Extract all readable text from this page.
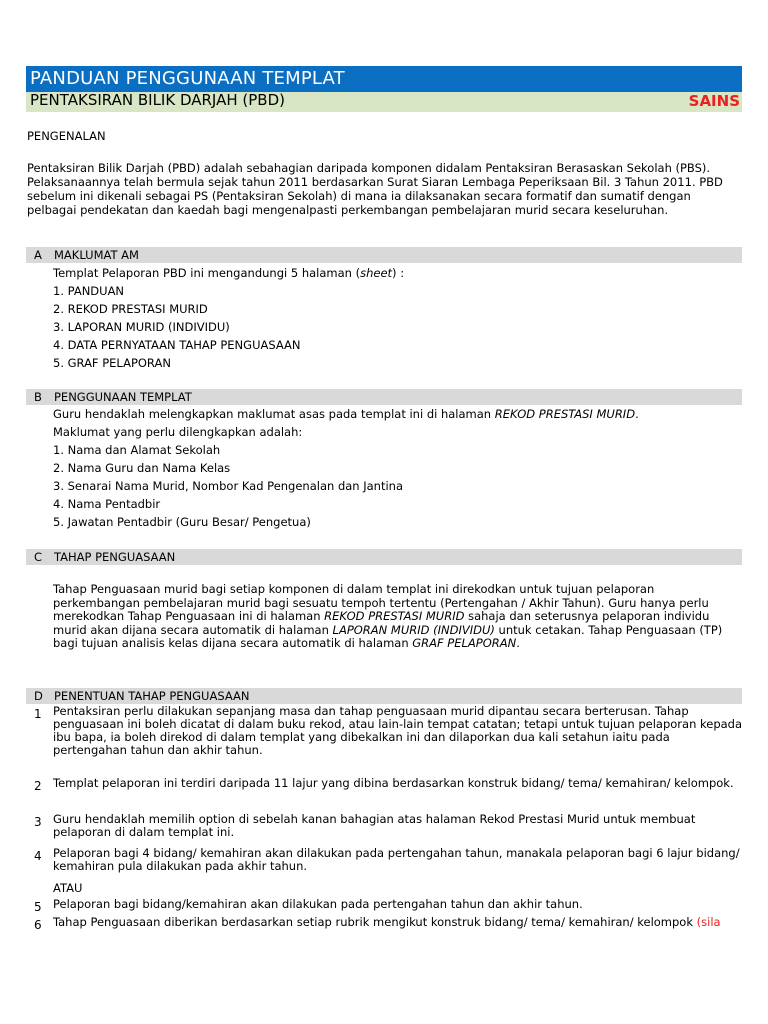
PANDUAN PENGGUNAAN TEMPLAT
PENTAKSIRAN BILIK DARJAH (PBD)	SAINS
PENGENALAN
Pentaksiran Bilik Darjah (PBD) adalah sebahagian daripada komponen didalam Pentaksiran Berasaskan Sekolah (PBS). Pelaksanaannya telah bermula sejak tahun 2011 berdasarkan Surat Siaran Lembaga Peperiksaan Bil. 3 Tahun 2011. PBD sebelum ini dikenali sebagai PS (Pentaksiran Sekolah) di mana ia dilaksanakan secara formatif dan sumatif dengan pelbagai pendekatan dan kaedah bagi mengenalpasti perkembangan pembelajaran murid secara keseluruhan.
A MAKLUMAT AM
Templat Pelaporan PBD ini mengandungi 5 halaman (sheet) :
1. PANDUAN
2. REKOD PRESTASI MURID
3. LAPORAN MURID (INDIVIDU)
4. DATA PERNYATAAN TAHAP PENGUASAAN
5. GRAF PELAPORAN
B PENGGUNAAN TEMPLAT
Guru hendaklah melengkapkan maklumat asas pada templat ini di halaman REKOD PRESTASI MURID.
Maklumat yang perlu dilengkapkan adalah:
1. Nama dan Alamat Sekolah
2. Nama Guru dan Nama Kelas
3. Senarai Nama Murid, Nombor Kad Pengenalan dan Jantina
4. Nama Pentadbir
5. Jawatan Pentadbir (Guru Besar/ Pengetua)
C TAHAP PENGUASAAN
Tahap Penguasaan murid bagi setiap komponen di dalam templat ini direkodkan untuk tujuan pelaporan perkembangan pembelajaran murid bagi sesuatu tempoh tertentu (Pertengahan / Akhir Tahun). Guru hanya perlu merekodkan Tahap Penguasaan ini di halaman REKOD PRESTASI MURID sahaja dan seterusnya pelaporan individu murid akan dijana secara automatik di halaman LAPORAN MURID (INDIVIDU) untuk cetakan. Tahap Penguasaan (TP) bagi tujuan analisis kelas dijana secara automatik di halaman GRAF PELAPORAN.
D PENENTUAN TAHAP PENGUASAAN
1 Pentaksiran perlu dilakukan sepanjang masa dan tahap penguasaan murid dipantau secara berterusan. Tahap penguasaan ini boleh dicatat di dalam buku rekod, atau lain-lain tempat catatan; tetapi untuk tujuan pelaporan kepada ibu bapa, ia boleh direkod di dalam templat yang dibekalkan ini dan dilaporkan dua kali setahun iaitu pada pertengahan tahun dan akhir tahun.
2 Templat pelaporan ini terdiri daripada 11 lajur yang dibina berdasarkan konstruk bidang/ tema/ kemahiran/ kelompok.
3 Guru hendaklah memilih option di sebelah kanan bahagian atas halaman Rekod Prestasi Murid untuk membuat pelaporan di dalam templat ini.
4 Pelaporan bagi 4 bidang/ kemahiran akan dilakukan pada pertengahan tahun, manakala pelaporan bagi 6 lajur bidang/ kemahiran pula dilakukan pada akhir tahun.
ATAU
5 Pelaporan bagi bidang/kemahiran akan dilakukan pada pertengahan tahun dan akhir tahun.
6 Tahap Penguasaan diberikan berdasarkan setiap rubrik mengikut konstruk bidang/ tema/ kemahiran/ kelompok (sila
